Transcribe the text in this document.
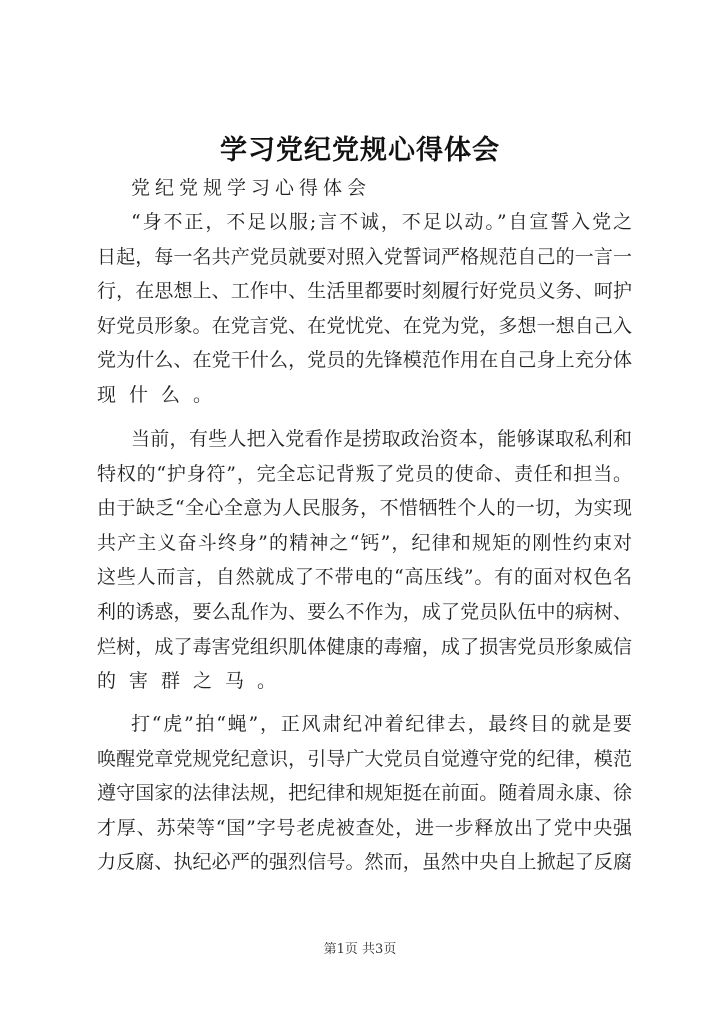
学习党纪党规心得体会
党纪党规学习心得体会
“身不正，不足以服;言不诚，不足以动。”自宣誓入党之
日起，每一名共产党员就要对照入党誓词严格规范自己的一言一
行，在思想上、工作中、生活里都要时刻履行好党员义务、呵护
好党员形象。在党言党、在党忧党、在党为党，多想一想自己入
党为什么、在党干什么，党员的先锋模范作用在自己身上充分体
现什么。
当前，有些人把入党看作是捞取政治资本，能够谋取私利和
特权的“护身符”，完全忘记背叛了党员的使命、责任和担当。
由于缺乏“全心全意为人民服务，不惜牺牲个人的一切，为实现
共产主义奋斗终身”的精神之“钙”，纪律和规矩的刚性约束对
这些人而言，自然就成了不带电的“高压线”。有的面对权色名
利的诱惑，要么乱作为、要么不作为，成了党员队伍中的病树、
烂树，成了毒害党组织肌体健康的毒瘤，成了损害党员形象威信
的害群之马。
打“虎”拍“蝇”，正风肃纪冲着纪律去，最终目的就是要
唤醒党章党规党纪意识，引导广大党员自觉遵守党的纪律，模范
遵守国家的法律法规，把纪律和规矩挺在前面。随着周永康、徐
才厚、苏荣等“国”字号老虎被查处，进一步释放出了党中央强
力反腐、执纪必严的强烈信号。然而，虽然中央自上掀起了反腐
第1页 共3页
